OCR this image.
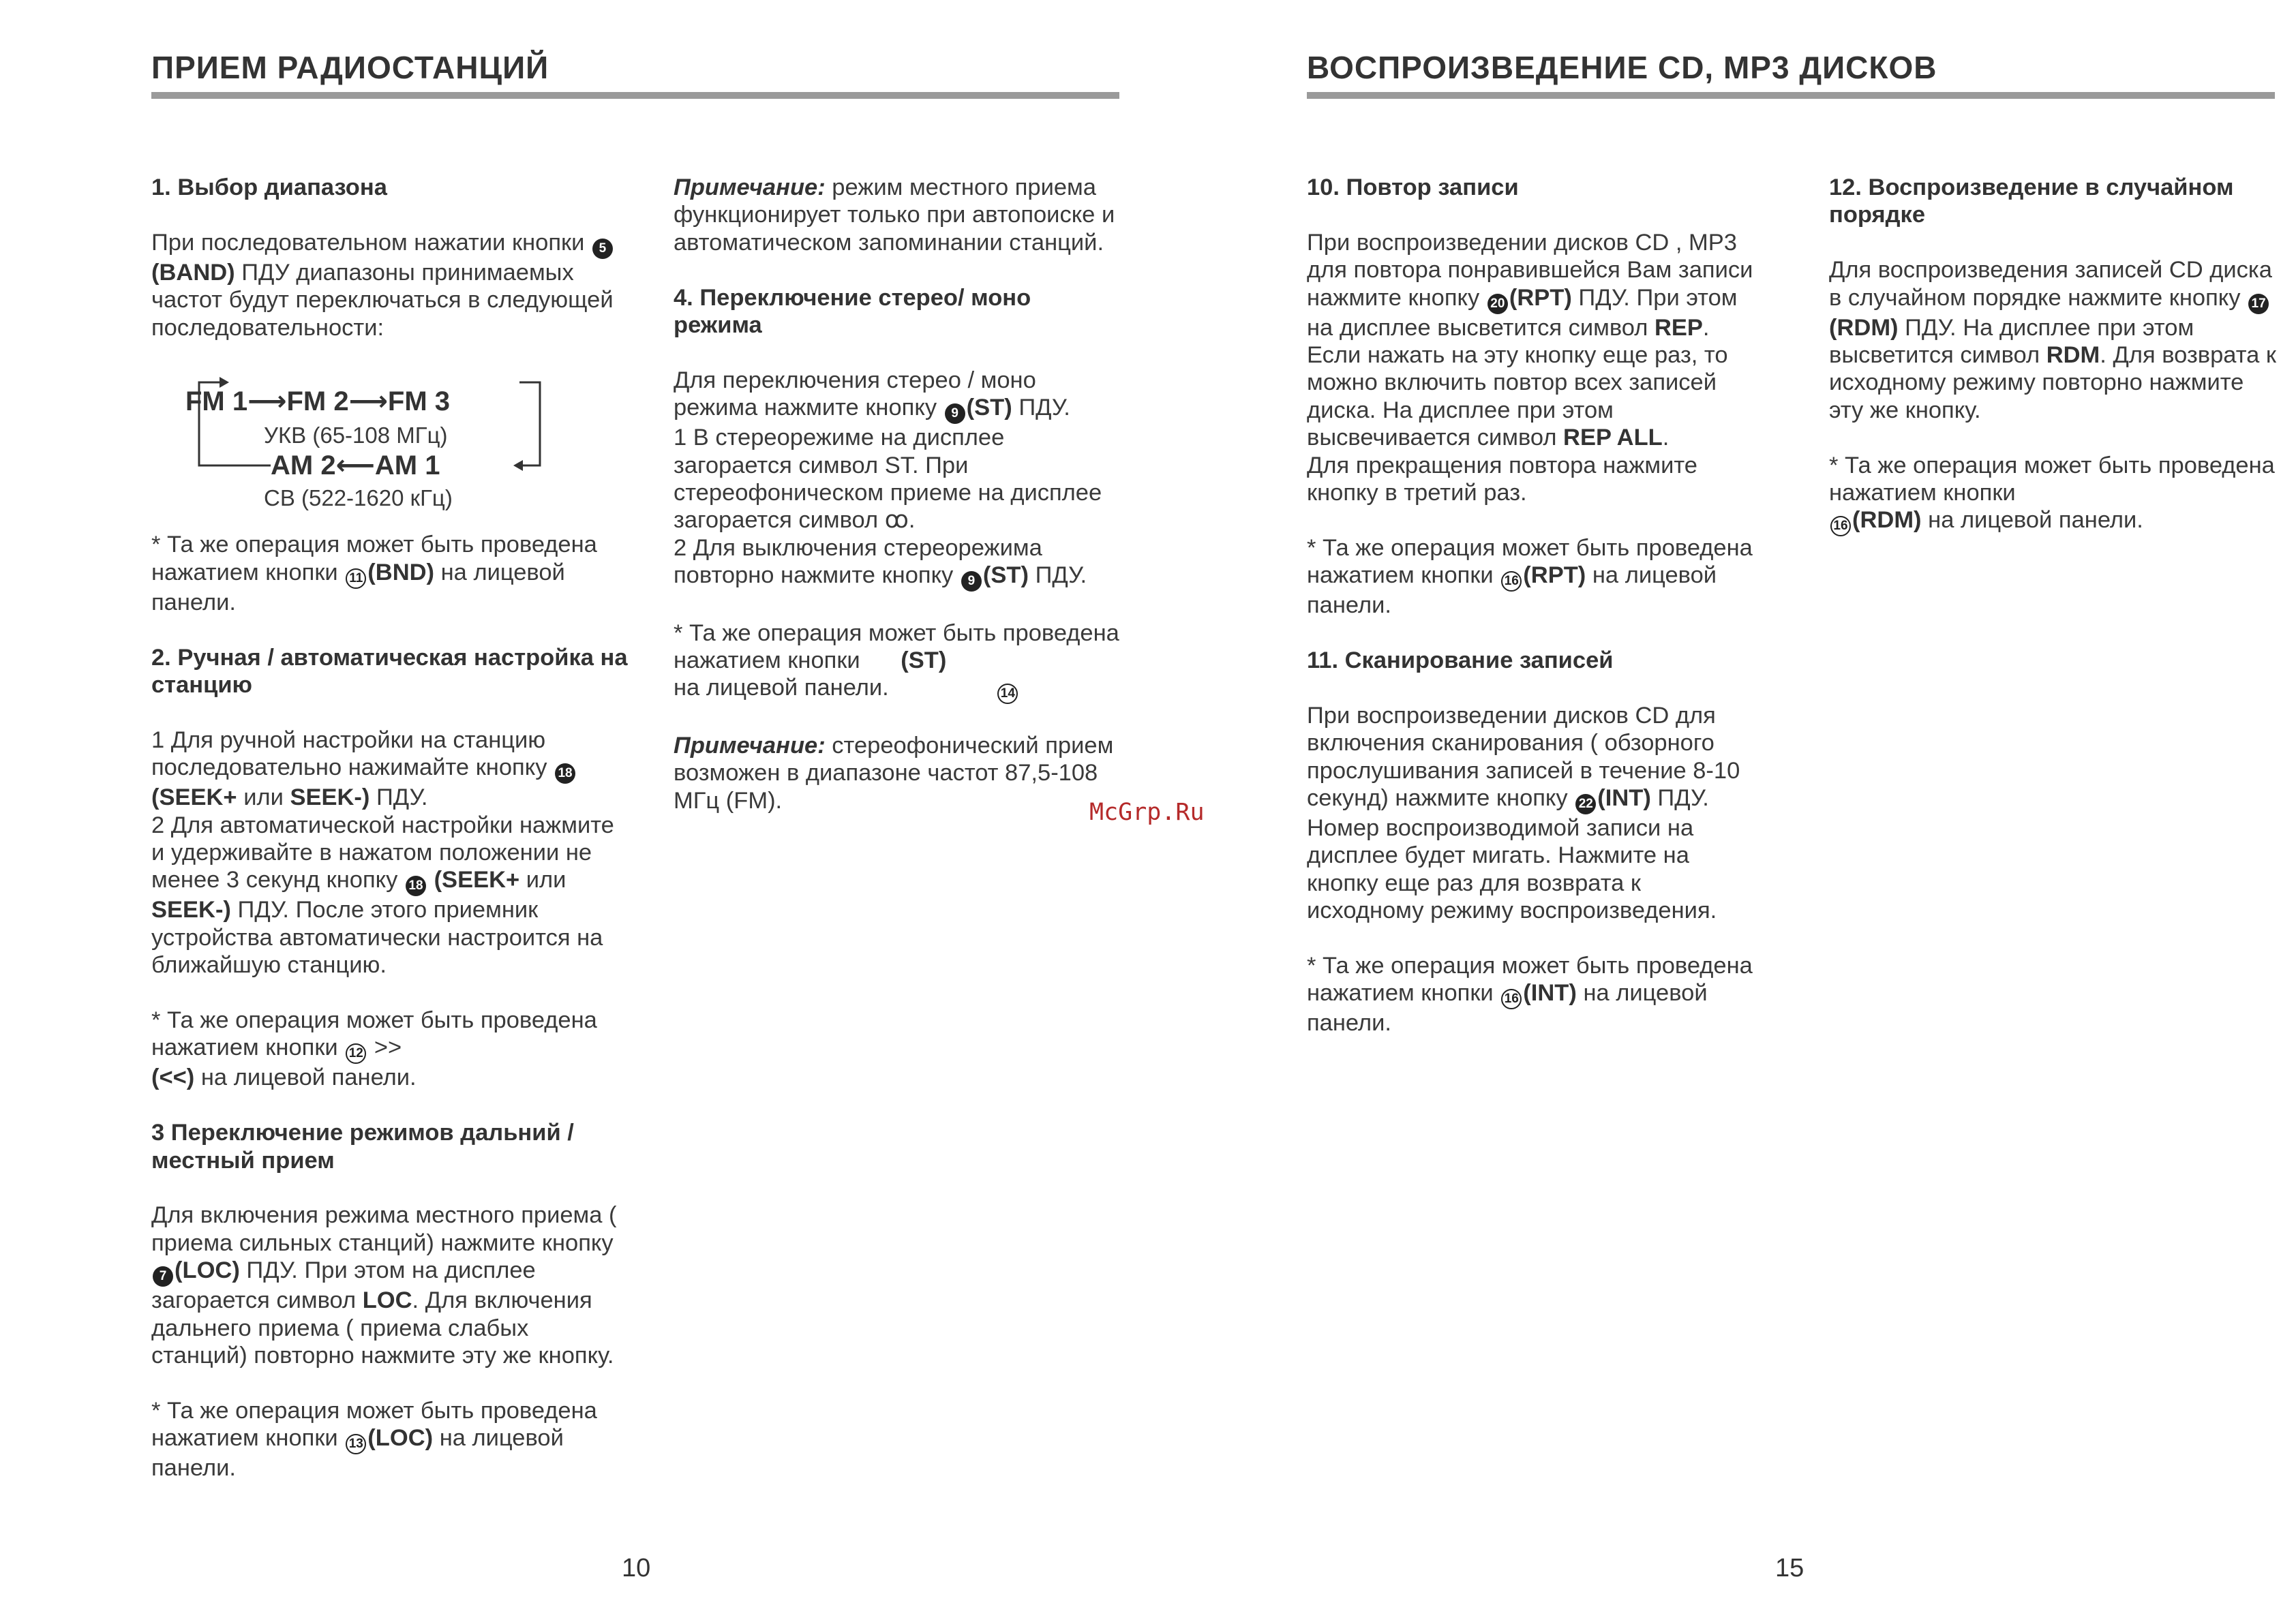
ПРИЕМ РАДИОСТАНЦИЙ	ВОСПРОИЗВЕДЕНИЕ CD, MP3 ДИСКОВ

1. Выбор диапазона

При последовательном нажатии кнопки 5(BAND) ПДУ диапазоны принимаемых частот будут переключаться в следующей последовательности:

FM 1⟶FM 2⟶FM 3
УКВ (65-108 МГц)
AM 2⟵AM 1
СВ (522-1620 кГц)

* Та же операция может быть проведена нажатием кнопки 11 (BND) на лицевой панели.

2. Ручная / автоматическая настройка на станцию

1 Для ручной настройки на станцию последовательно нажимайте кнопку 18 (SEEK+ или SEEK-) ПДУ.
2 Для автоматической настройки нажмите и удерживайте в нажатом положении не менее 3 секунд кнопку 18 (SEEK+ или SEEK-) ПДУ. После этого приемник устройства автоматически настроится на ближайшую станцию.

* Та же операция может быть проведена нажатием кнопки 12 >>
(<<) на лицевой панели.

3 Переключение режимов дальний / местный прием

Для включения режима местного приема ( приема сильных станций) нажмите кнопку 7 (LOC) ПДУ. При этом на дисплее загорается символ LOC. Для включения дальнего приема ( приема слабых станций) повторно нажмите эту же кнопку.

* Та же операция может быть проведена нажатием кнопки 13 (LOC) на лицевой панели.

Примечание: режим местного приема функционирует только при автопоиске и автоматическом запоминании станций.

4. Переключение стерео/ моно режима

Для переключения стерео / моно режима нажмите кнопку 9 (ST) ПДУ.
1 В стереорежиме на дисплее загорается символ ST. При стереофоническом приеме на дисплее загорается символ ꝏ.
2 Для выключения стереорежима повторно нажмите кнопку 9 (ST) ПДУ.

* Та же операция может быть проведена нажатием кнопки (ST)
на лицевой панели.	14

Примечание: стереофонический прием возможен в диапазоне частот 87,5-108 МГц (FM).

10. Повтор записи

При воспроизведении дисков CD , MP3 для повтора понравившейся Вам записи нажмите кнопку 20 (RPT) ПДУ. При этом на дисплее высветится символ REP.
Если нажать на эту кнопку еще раз, то можно включить повтор всех записей диска. На дисплее при этом высвечивается символ REP ALL.
Для прекращения повтора нажмите кнопку в третий раз.

* Та же операция может быть проведена нажатием кнопки 16 (RPT) на лицевой панели.

11. Сканирование записей

При воспроизведении дисков CD для включения сканирования ( обзорного прослушивания записей в течение 8-10 секунд) нажмите кнопку 22 (INT) ПДУ. Номер воспроизводимой записи на дисплее будет мигать. Нажмите на кнопку еще раз для возврата к исходному режиму воспроизведения.

* Та же операция может быть проведена нажатием кнопки 16 (INT) на лицевой панели.

12. Воспроизведение в случайном порядке

Для воспроизведения записей CD диска в случайном порядке нажмите кнопку 17(RDM) ПДУ. На дисплее при этом высветится символ RDM. Для возврата к исходному режиму повторно нажмите эту же кнопку.

* Та же операция может быть проведена нажатием кнопки
16 (RDM) на лицевой панели.

10	15
McGrp.Ru
